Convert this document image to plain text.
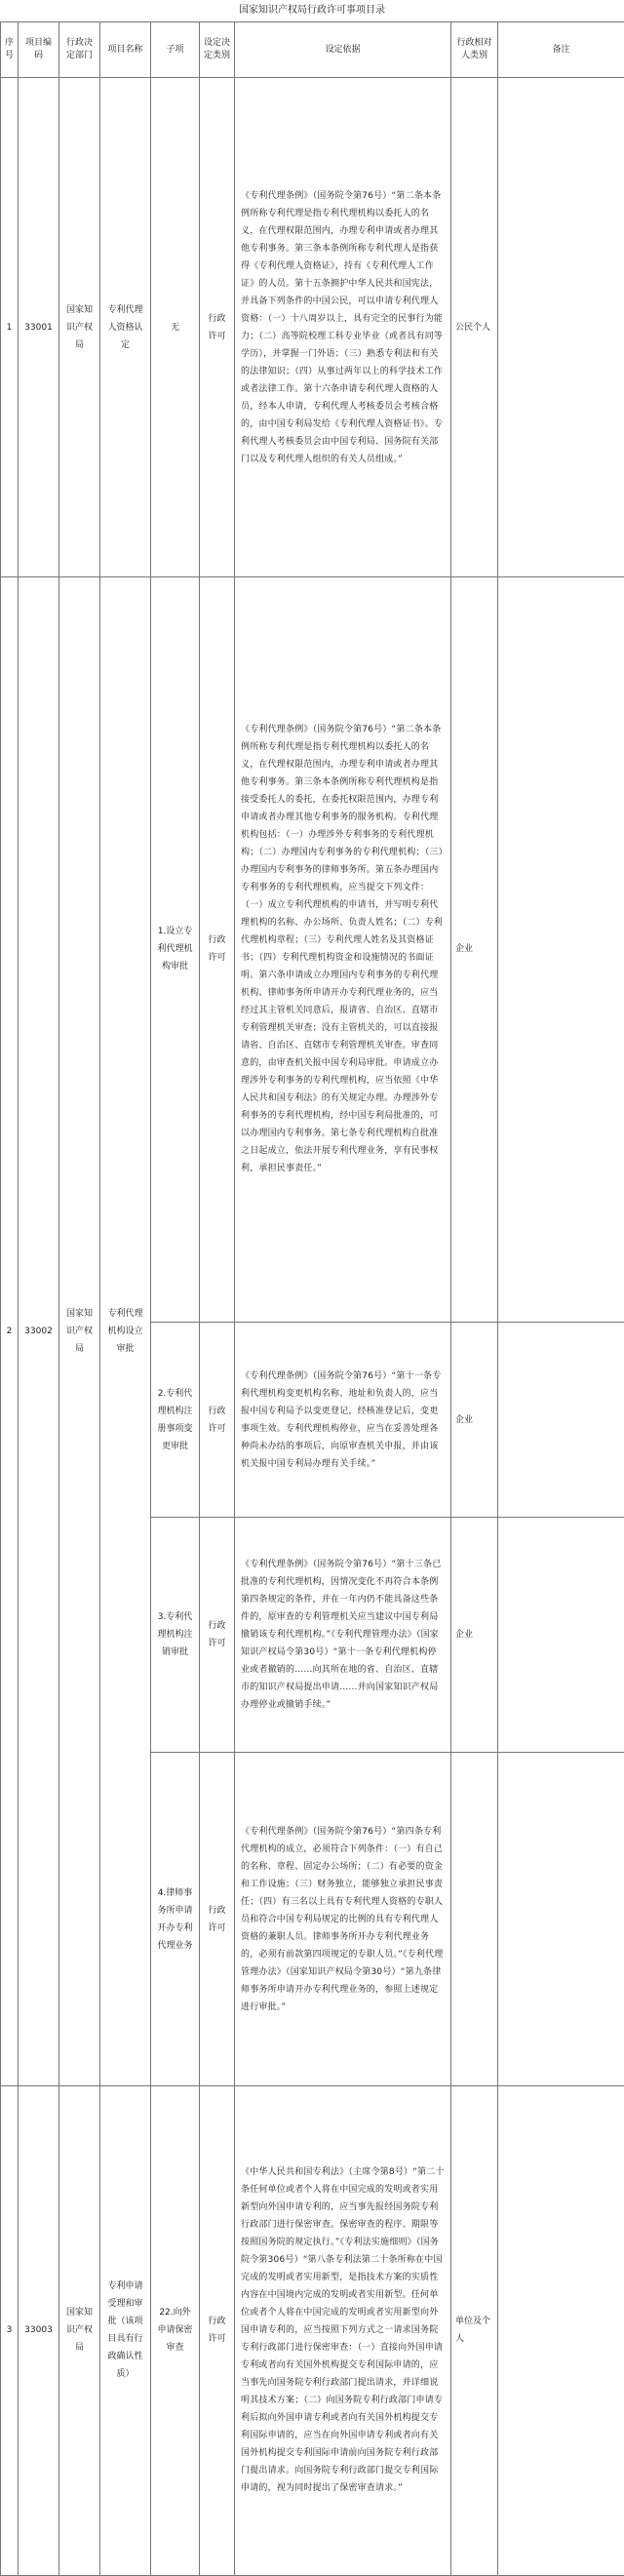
国家知识产权局行政许可事项目录
序号	项目编码	行政决定部门	项目名称	子项	设定决定类别	设定依据	行政相对人类别	备注
1	33001	国家知识产权局	专利代理人资格认定	无	行政许可	《专利代理条例》（国务院令第76号）“第二条本条例所称专利代理是指专利代理机构以委托人的名义，在代理权限范围内，办理专利申请或者办理其他专利事务。第三条本条例所称专利代理人是指获得《专利代理人资格证》，持有《专利代理人工作证》的人员。第十五条拥护中华人民共和国宪法，并具备下列条件的中国公民，可以申请专利代理人资格：（一）十八周岁以上，具有完全的民事行为能力；（二）高等院校理工科专业毕业（或者具有同等学历），并掌握一门外语；（三）熟悉专利法和有关的法律知识；（四）从事过两年以上的科学技术工作或者法律工作。第十六条申请专利代理人资格的人员，经本人申请，专利代理人考核委员会考核合格的，由中国专利局发给《专利代理人资格证书》。专利代理人考核委员会由中国专利局、国务院有关部门以及专利代理人组织的有关人员组成。”	公民个人	
2	33002	国家知识产权局	专利代理机构设立审批	1.设立专利代理机构审批	行政许可	《专利代理条例》（国务院令第76号）“第二条本条例所称专利代理是指专利代理机构以委托人的名义，在代理权限范围内，办理专利申请或者办理其他专利事务。第三条本条例所称专利代理机构是指接受委托人的委托，在委托权限范围内，办理专利申请或者办理其他专利事务的服务机构。专利代理机构包括：（一）办理涉外专利事务的专利代理机构；（二）办理国内专利事务的专利代理机构；（三）办理国内专利事务的律师事务所。第五条办理国内专利事务的专利代理机构，应当提交下列文件：（一）成立专利代理机构的申请书，并写明专利代理机构的名称、办公场所、负责人姓名；（二）专利代理机构章程；（三）专利代理人姓名及其资格证书；（四）专利代理机构资金和设施情况的书面证明。第六条申请成立办理国内专利事务的专利代理机构、律师事务所申请开办专利代理业务的，应当经过其主管机关同意后，报请省、自治区、直辖市专利管理机关审查；没有主管机关的，可以直接报请省、自治区、直辖市专利管理机关审查。审查同意的，由审查机关报中国专利局审批。申请成立办理涉外专利事务的专利代理机构，应当依照《中华人民共和国专利法》的有关规定办理。办理涉外专利事务的专利代理机构，经中国专利局批准的，可以办理国内专利事务。第七条专利代理机构自批准之日起成立，依法开展专利代理业务，享有民事权利，承担民事责任。”	企业	
				2.专利代理机构注册事项变更审批	行政许可	《专利代理条例》（国务院令第76号）“第十一条专利代理机构变更机构名称、地址和负责人的，应当报中国专利局予以变更登记，经核准登记后，变更事项生效。专利代理机构停业，应当在妥善处理各种尚未办结的事项后，向原审查机关申报，并由该机关报中国专利局办理有关手续。”	企业	
				3.专利代理机构注销审批	行政许可	《专利代理条例》（国务院令第76号）“第十三条已批准的专利代理机构，因情况变化不再符合本条例第四条规定的条件，并在一年内仍不能具备这些条件的，原审查的专利管理机关应当建议中国专利局撤销该专利代理机构。”《专利代理管理办法》（国家知识产权局令第30号）“第十一条专利代理机构停业或者撤销的……向其所在地的省、自治区、直辖市的知识产权局提出申请……并向国家知识产权局办理停业或撤销手续。”	企业	
				4.律师事务所申请开办专利代理业务	行政许可	《专利代理条例》（国务院令第76号）“第四条专利代理机构的成立，必须符合下列条件：（一）有自己的名称、章程、固定办公场所；（二）有必要的资金和工作设施；（三）财务独立，能够独立承担民事责任；（四）有三名以上具有专利代理人资格的专职人员和符合中国专利局规定的比例的具有专利代理人资格的兼职人员。律师事务所开办专利代理业务的，必须有前款第四项规定的专职人员。”《专利代理管理办法》（国家知识产权局令第30号）“第九条律师事务所申请开办专利代理业务的，参照上述规定进行审批。”		
3	33003	国家知识产权局	专利申请受理和审批（该项目具有行政确认性质）	22.向外申请保密审查	行政许可	《中华人民共和国专利法》（主席令第8号）“第二十条任何单位或者个人将在中国完成的发明或者实用新型向外国申请专利的，应当事先报经国务院专利行政部门进行保密审查。保密审查的程序、期限等按照国务院的规定执行。”《专利法实施细则》（国务院令第306号）“第八条专利法第二十条所称在中国完成的发明或者实用新型，是指技术方案的实质性内容在中国境内完成的发明或者实用新型。任何单位或者个人将在中国完成的发明或者实用新型向外国申请专利的，应当按照下列方式之一请求国务院专利行政部门进行保密审查：（一）直接向外国申请专利或者向有关国外机构提交专利国际申请的，应当事先向国务院专利行政部门提出请求，并详细说明其技术方案；（二）向国务院专利行政部门申请专利后拟向外国申请专利或者向有关国外机构提交专利国际申请的，应当在向外国申请专利或者向有关国外机构提交专利国际申请前向国务院专利行政部门提出请求。向国务院专利行政部门提交专利国际申请的，视为同时提出了保密审查请求。”	单位及个人	
